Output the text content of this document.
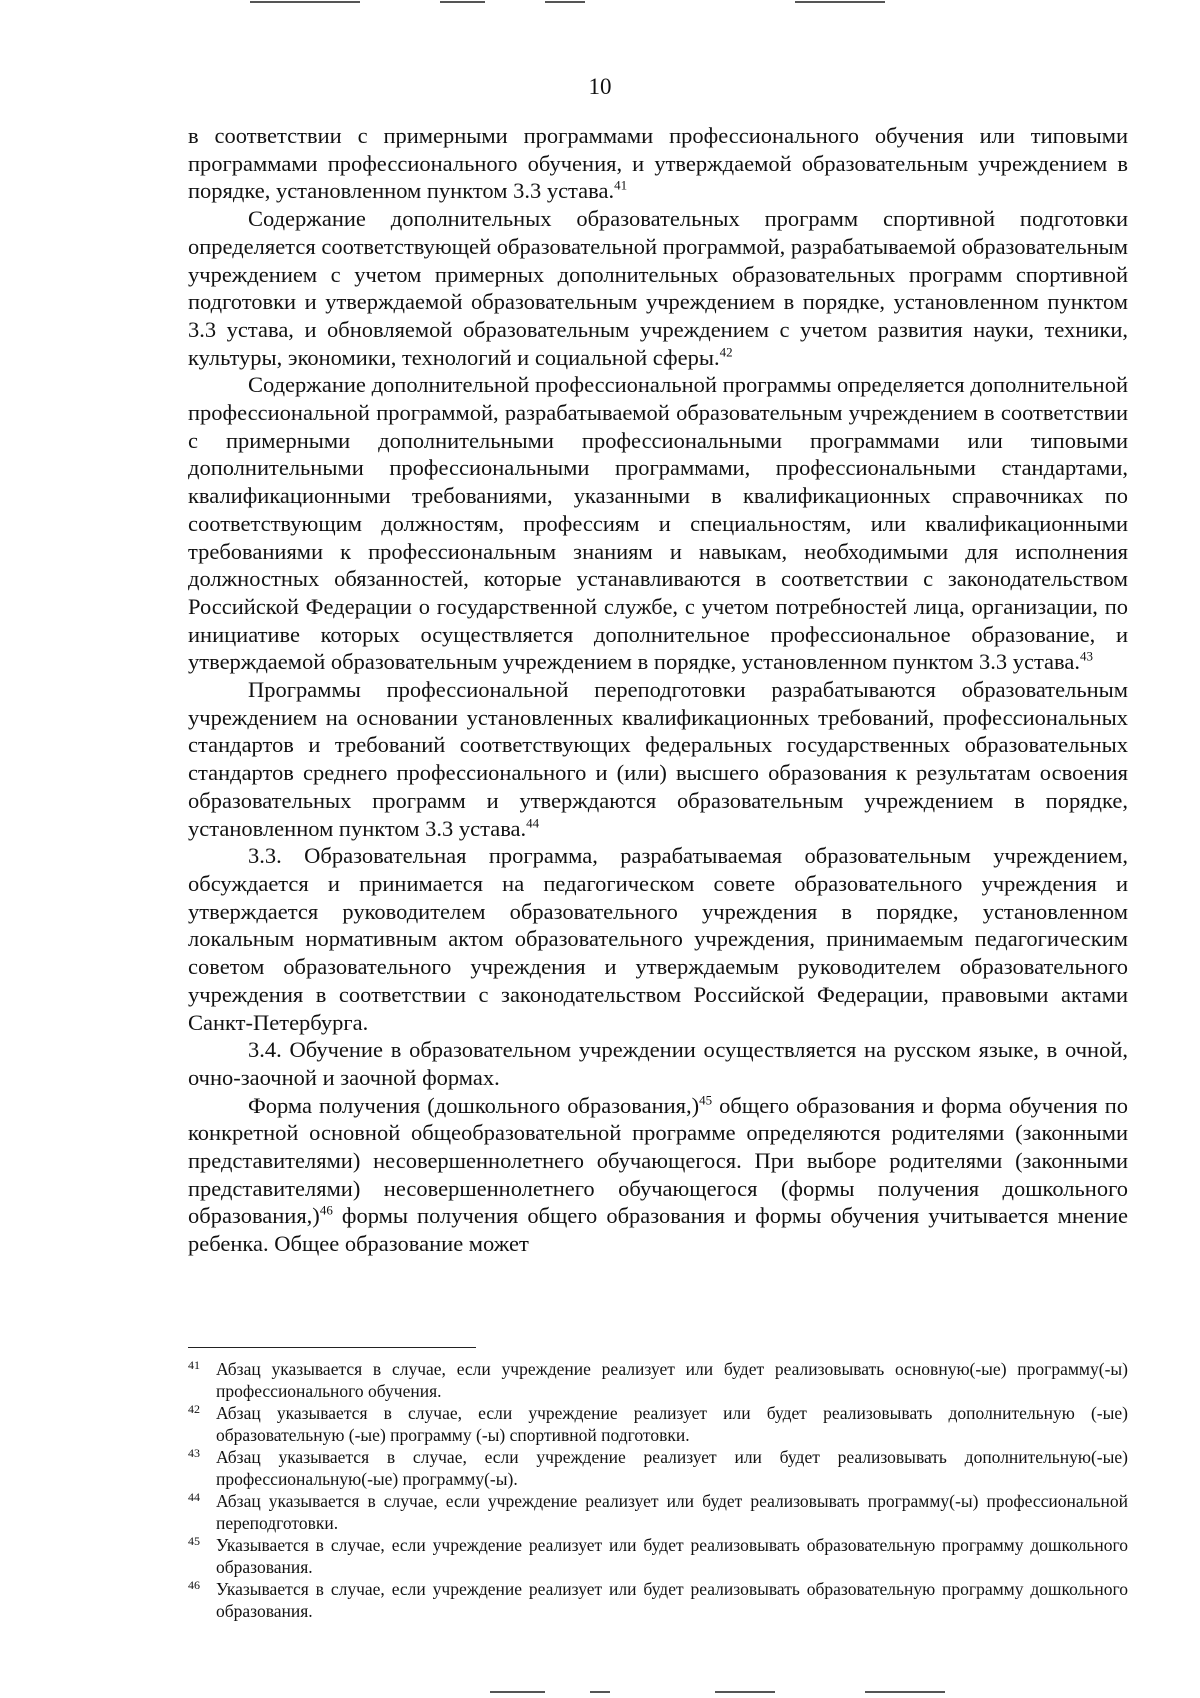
10

в соответствии с примерными программами профессионального обучения или типовыми программами профессионального обучения, и утверждаемой образовательным учреждением в порядке, установленном пунктом 3.3 устава.$^{41}$

Содержание дополнительных образовательных программ спортивной подготовки определяется соответствующей образовательной программой, разрабатываемой образовательным учреждением с учетом примерных дополнительных образовательных программ спортивной подготовки и утверждаемой образовательным учреждением в порядке, установленном пунктом 3.3 устава, и обновляемой образовательным учреждением с учетом развития науки, техники, культуры, экономики, технологий и социальной сферы.$^{42}$

Содержание дополнительной профессиональной программы определяется дополнительной профессиональной программой, разрабатываемой образовательным учреждением в соответствии с примерными дополнительными профессиональными программами или типовыми дополнительными профессиональными программами, профессиональными стандартами, квалификационными требованиями, указанными в квалификационных справочниках по соответствующим должностям, профессиям и специальностям, или квалификационными требованиями к профессиональным знаниям и навыкам, необходимыми для исполнения должностных обязанностей, которые устанавливаются в соответствии с законодательством Российской Федерации о государственной службе, с учетом потребностей лица, организации, по инициативе которых осуществляется дополнительное профессиональное образование, и утверждаемой образовательным учреждением в порядке, установленном пунктом 3.3 устава.$^{43}$

Программы профессиональной переподготовки разрабатываются образовательным учреждением на основании установленных квалификационных требований, профессиональных стандартов и требований соответствующих федеральных государственных образовательных стандартов среднего профессионального и (или) высшего образования к результатам освоения образовательных программ и утверждаются образовательным учреждением в порядке, установленном пунктом 3.3 устава.$^{44}$

3.3. Образовательная программа, разрабатываемая образовательным учреждением, обсуждается и принимается на педагогическом совете образовательного учреждения и утверждается руководителем образовательного учреждения в порядке, установленном локальным нормативным актом образовательного учреждения, принимаемым педагогическим советом образовательного учреждения и утверждаемым руководителем образовательного учреждения в соответствии с законодательством Российской Федерации, правовыми актами Санкт-Петербурга.

3.4. Обучение в образовательном учреждении осуществляется на русском языке, в очной, очно-заочной и заочной формах.

Форма получения (дошкольного образования,)$^{45}$ общего образования и форма обучения по конкретной основной общеобразовательной программе определяются родителями (законными представителями) несовершеннолетнего обучающегося. При выборе родителями (законными представителями) несовершеннолетнего обучающегося (формы получения дошкольного образования,)$^{46}$ формы получения общего образования и формы обучения учитывается мнение ребенка. Общее образование может

41 Абзац указывается в случае, если учреждение реализует или будет реализовывать основную(-ые) программу(-ы) профессионального обучения.
42 Абзац указывается в случае, если учреждение реализует или будет реализовывать дополнительную (-ые) образовательную (-ые) программу (-ы) спортивной подготовки.
43 Абзац указывается в случае, если учреждение реализует или будет реализовывать дополнительную(-ые) профессиональную(-ые) программу(-ы).
44 Абзац указывается в случае, если учреждение реализует или будет реализовывать программу(-ы) профессиональной переподготовки.
45 Указывается в случае, если учреждение реализует или будет реализовывать образовательную программу дошкольного образования.
46 Указывается в случае, если учреждение реализует или будет реализовывать образовательную программу дошкольного образования.
